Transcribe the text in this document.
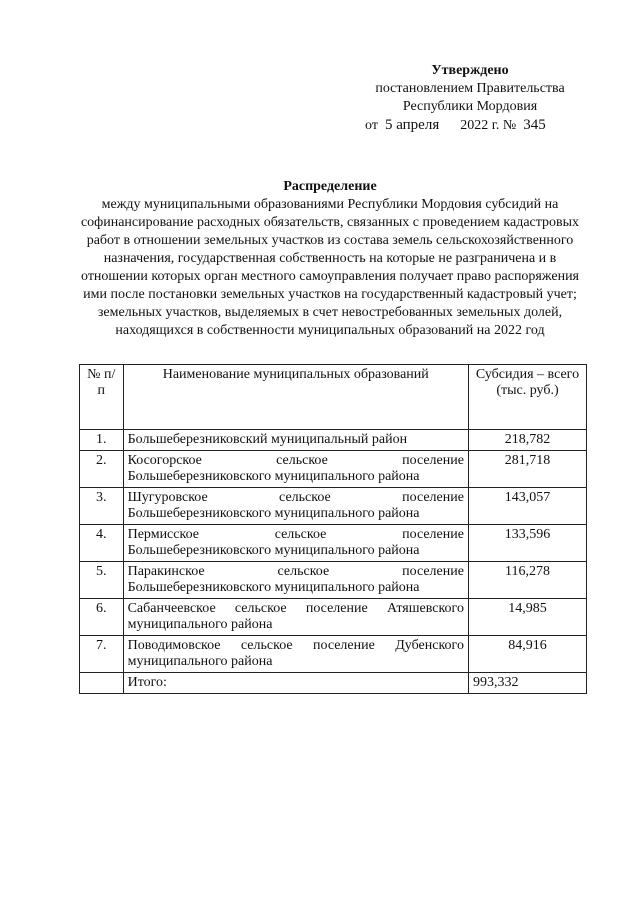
Утверждено
постановлением Правительства
Республики Мордовия
от 5 апреля 2022 г. № 345
Распределение
между муниципальными образованиями Республики Мордовия субсидий на софинансирование расходных обязательств, связанных с проведением кадастровых работ в отношении земельных участков из состава земель сельскохозяйственного назначения, государственная собственность на которые не разграничена и в отношении которых орган местного самоуправления получает право распоряжения ими после постановки земельных участков на государственный кадастровый учет; земельных участков, выделяемых в счет невостребованных земельных долей, находящихся в собственности муниципальных образований на 2022 год
№ п/п	Наименование муниципальных образований	Субсидия – всего (тыс. руб.)
1.	Большеберезниковский муниципальный район	218,782
2.	Косогорское сельское поселение Большеберезниковского муниципального района	281,718
3.	Шугуровское сельское поселение Большеберезниковского муниципального района	143,057
4.	Пермисское сельское поселение Большеберезниковского муниципального района	133,596
5.	Паракинское сельское поселение Большеберезниковского муниципального района	116,278
6.	Сабанчеевское сельское поселение Атяшевского муниципального района	14,985
7.	Поводимовское сельское поселение Дубенского муниципального района	84,916
	Итого:	993,332
